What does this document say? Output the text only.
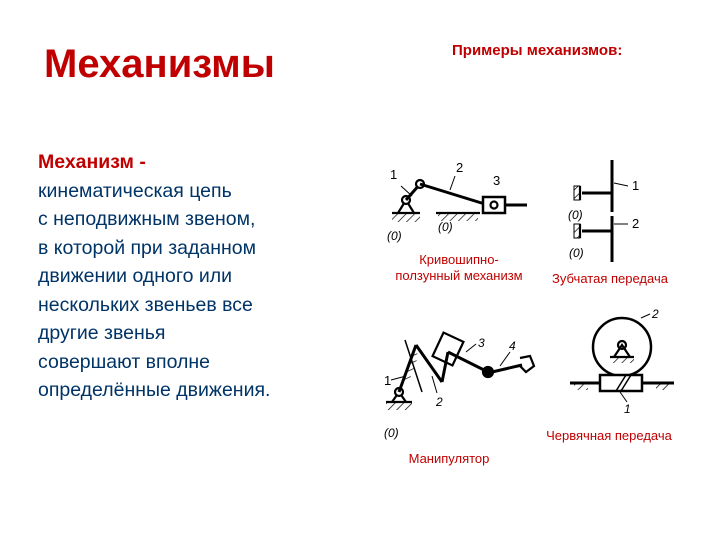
Механизмы	Примеры механизмов:
Механизм -
кинематическая цепь
с неподвижным звеном,
в которой при заданном
движении одного или
нескольких звеньев все
другие звенья
совершают вполне
определённые движения.
1	2
3
(0)
(0)
1
2
(0)
(0)
1
2
3 4
(0)
2
1
Кривошипно-
ползунный механизм	Зубчатая передача
Манипулятор
Червячная передача
